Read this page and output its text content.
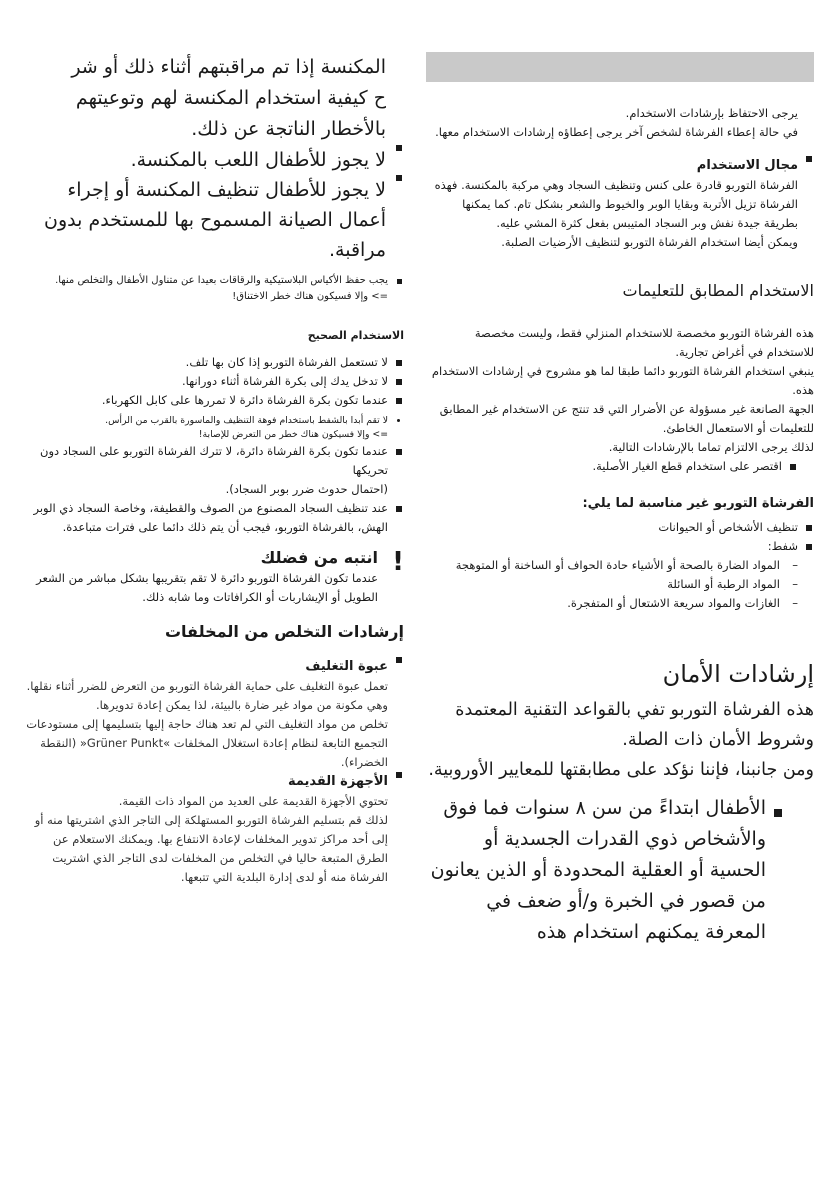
المكنسة إذا تم مراقبتهم أثناء ذلك أو شر

ح كيفية استخدام المكنسة لهم وتوعيتهم

بالأخطار الناتجة عن ذلك.

لا يجوز للأطفال اللعب بالمكنسة.

لا يجوز للأطفال تنظيف المكنسة أو إجراء أعمال الصيانة المسموح بها للمستخدم بدون مراقبة.

يجب حفظ الأكياس البلاستيكية والرقاقات بعيدا عن متناول الأطفال والتخلص منها.

=> وإلا فسيكون هناك خطر الاختناق!

الاستخدام الصحيح

لا تستعمل الفرشاة التوربو إذا كان بها تلف.

لا تدخل يدك إلى بكرة الفرشاة أثناء دورانها.

عندما تكون بكرة الفرشاة دائرة لا تمررها على كابل الكهرباء.

لا تقم أبدا بالشفط باستخدام فوهة التنظيف والماسورة بالقرب من الرأس.

=> وإلا فسيكون هناك خطر من التعرض للإصابة!

عندما تكون بكرة الفرشاة دائرة، لا تترك الفرشاة التوربو على السجاد دون تحريكها

(احتمال حدوث ضرر بوبر السجاد).

عند تنظيف السجاد المصنوع من الصوف والقطيفة، وخاصة السجاد ذي الوبر الهش، بالفرشاة التوربو، فيجب أن يتم ذلك دائما على فترات متباعدة.

!
انتبه من فضلك

عندما تكون الفرشاة التوربو دائرة لا تقم بتقريبها بشكل مباشر من الشعر الطويل أو الإيشاربات أو الكرافاتات وما شابه ذلك.

إرشادات التخلص من المخلفات

عبوة التغليف

تعمل عبوة التغليف على حماية الفرشاة التوربو من التعرض للضرر أثناء نقلها.

وهي مكونة من مواد غير ضارة بالبيئة، لذا يمكن إعادة تدويرها.

تخلص من مواد التغليف التي لم تعد هناك حاجة إليها بتسليمها إلى مستودعات التجميع التابعة لنظام إعادة استغلال المخلفات »Grüner Punkt« (النقطة الخضراء).

الأجهزة القديمة

تحتوي الأجهزة القديمة على العديد من المواد ذات القيمة.

لذلك قم بتسليم الفرشاة التوربو المستهلكة إلى التاجر الذي اشتريتها منه أو إلى أحد مراكز تدوير المخلفات لإعادة الانتفاع بها. ويمكنك الاستعلام عن الطرق المتبعة حاليا في التخلص من المخلفات لدى التاجر الذي اشتريت الفرشاة منه أو لدى إدارة البلدية التي تتبعها.

يرجى الاحتفاظ بإرشادات الاستخدام.

في حالة إعطاء الفرشاة لشخص آخر يرجى إعطاؤه إرشادات الاستخدام معها.

مجال الاستخدام

الفرشاة التوربو قادرة على كنس وتنظيف السجاد وهي مركبة بالمكنسة. فهذه الفرشاة تزيل الأتربة وبقايا الوبر والخيوط والشعر بشكل تام. كما يمكنها بطريقة جيدة نفش وبر السجاد المتيبس بفعل كثرة المشي عليه.

ويمكن أيضا استخدام الفرشاة التوربو لتنظيف الأرضيات الصلبة.

الاستخدام المطابق للتعليمات

هذه الفرشاة التوربو مخصصة للاستخدام المنزلي فقط، وليست مخصصة للاستخدام في أغراض تجارية.

ينبغي استخدام الفرشاة التوربو دائما طبقا لما هو مشروح في إرشادات الاستخدام هذه.

الجهة الصانعة غير مسؤولة عن الأضرار التي قد تنتج عن الاستخدام غير المطابق للتعليمات أو الاستعمال الخاطئ.

لذلك يرجى الالتزام تماما بالإرشادات التالية.

اقتصر على استخدام قطع الغيار الأصلية.

الفرشاة التوربو غير مناسبة لما يلي:

تنظيف الأشخاص أو الحيوانات

شفط:

– المواد الضارة بالصحة أو الأشياء حادة الحواف أو الساخنة أو المتوهجة

– المواد الرطبة أو السائلة

– الغازات والمواد سريعة الاشتعال أو المتفجرة.

إرشادات الأمان

هذه الفرشاة التوربو تفي بالقواعد التقنية المعتمدة وشروط الأمان ذات الصلة.

ومن جانبنا، فإننا نؤكد على مطابقتها للمعايير الأوروبية.

الأطفال ابتداءً من سن ٨ سنوات فما فوق والأشخاص ذوي القدرات الجسدية أو الحسية أو العقلية المحدودة أو الذين يعانون من قصور في الخبرة و/أو ضعف في المعرفة يمكنهم استخدام هذه
